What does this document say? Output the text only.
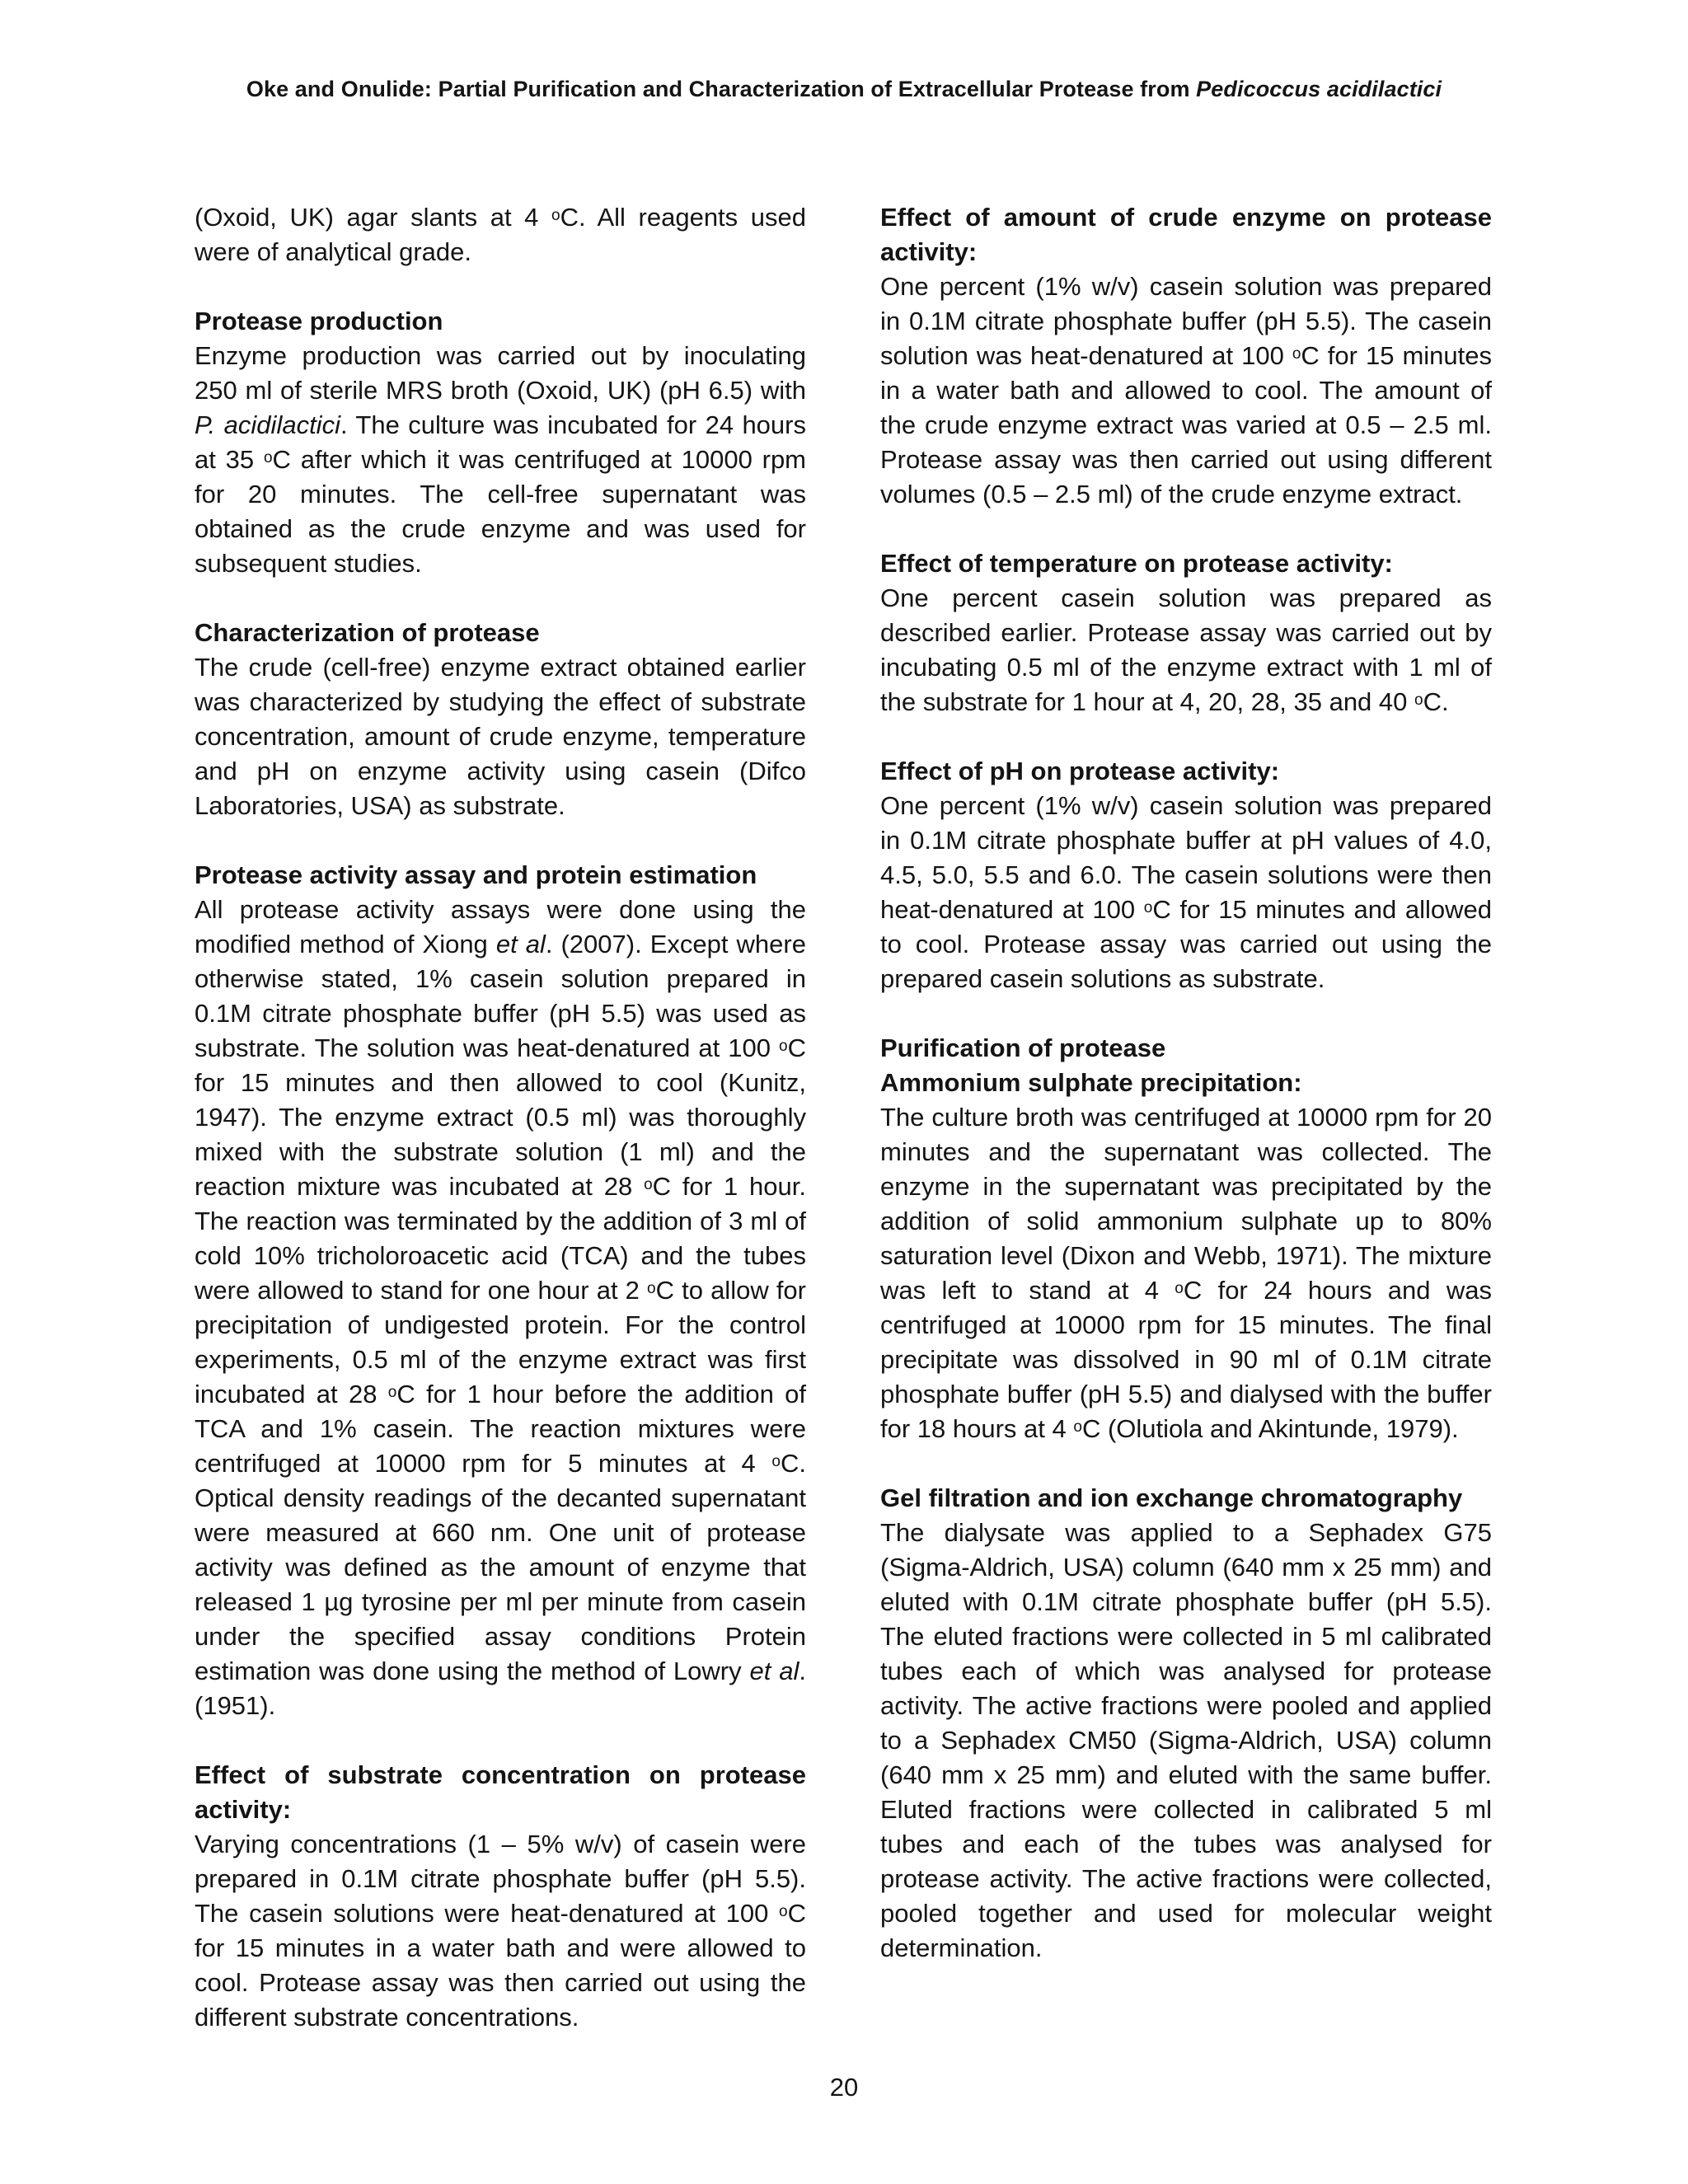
Oke and Onulide: Partial Purification and Characterization of Extracellular Protease from Pedicoccus acidilactici

(Oxoid, UK) agar slants at 4 $^o$C. All reagents used were of analytical grade.

Protease production

Enzyme production was carried out by inoculating 250 ml of sterile MRS broth (Oxoid, UK) (pH 6.5) with P. acidilactici. The culture was incubated for 24 hours at 35 $^o$C after which it was centrifuged at 10000 rpm for 20 minutes. The cell-free supernatant was obtained as the crude enzyme and was used for subsequent studies.

Characterization of protease

The crude (cell-free) enzyme extract obtained earlier was characterized by studying the effect of substrate concentration, amount of crude enzyme, temperature and pH on enzyme activity using casein (Difco Laboratories, USA) as substrate.

Protease activity assay and protein estimation

All protease activity assays were done using the modified method of Xiong et al. (2007). Except where otherwise stated, 1% casein solution prepared in 0.1M citrate phosphate buffer (pH 5.5) was used as substrate. The solution was heat-denatured at 100 $^o$C for 15 minutes and then allowed to cool (Kunitz, 1947). The enzyme extract (0.5 ml) was thoroughly mixed with the substrate solution (1 ml) and the reaction mixture was incubated at 28 $^o$C for 1 hour. The reaction was terminated by the addition of 3 ml of cold 10% tricholoroacetic acid (TCA) and the tubes were allowed to stand for one hour at 2 $^o$C to allow for precipitation of undigested protein. For the control experiments, 0.5 ml of the enzyme extract was first incubated at 28 $^o$C for 1 hour before the addition of TCA and 1% casein. The reaction mixtures were centrifuged at 10000 rpm for 5 minutes at 4 $^o$C. Optical density readings of the decanted supernatant were measured at 660 nm. One unit of protease activity was defined as the amount of enzyme that released 1 µg tyrosine per ml per minute from casein under the specified assay conditions Protein estimation was done using the method of Lowry et al. (1951).

Effect of substrate concentration on protease activity:

Varying concentrations (1 – 5% w/v) of casein were prepared in 0.1M citrate phosphate buffer (pH 5.5). The casein solutions were heat-denatured at 100 $^o$C for 15 minutes in a water bath and were allowed to cool. Protease assay was then carried out using the different substrate concentrations.

Effect of amount of crude enzyme on protease activity:

One percent (1% w/v) casein solution was prepared in 0.1M citrate phosphate buffer (pH 5.5). The casein solution was heat-denatured at 100 $^o$C for 15 minutes in a water bath and allowed to cool. The amount of the crude enzyme extract was varied at 0.5 – 2.5 ml. Protease assay was then carried out using different volumes (0.5 – 2.5 ml) of the crude enzyme extract.

Effect of temperature on protease activity:

One percent casein solution was prepared as described earlier. Protease assay was carried out by incubating 0.5 ml of the enzyme extract with 1 ml of the substrate for 1 hour at 4, 20, 28, 35 and 40 $^o$C.

Effect of pH on protease activity:

One percent (1% w/v) casein solution was prepared in 0.1M citrate phosphate buffer at pH values of 4.0, 4.5, 5.0, 5.5 and 6.0. The casein solutions were then heat-denatured at 100 $^o$C for 15 minutes and allowed to cool. Protease assay was carried out using the prepared casein solutions as substrate.

Purification of protease

Ammonium sulphate precipitation:

The culture broth was centrifuged at 10000 rpm for 20 minutes and the supernatant was collected. The enzyme in the supernatant was precipitated by the addition of solid ammonium sulphate up to 80% saturation level (Dixon and Webb, 1971). The mixture was left to stand at 4 $^o$C for 24 hours and was centrifuged at 10000 rpm for 15 minutes. The final precipitate was dissolved in 90 ml of 0.1M citrate phosphate buffer (pH 5.5) and dialysed with the buffer for 18 hours at 4 $^o$C (Olutiola and Akintunde, 1979).

Gel filtration and ion exchange chromatography

The dialysate was applied to a Sephadex G75 (Sigma-Aldrich, USA) column (640 mm x 25 mm) and eluted with 0.1M citrate phosphate buffer (pH 5.5). The eluted fractions were collected in 5 ml calibrated tubes each of which was analysed for protease activity. The active fractions were pooled and applied to a Sephadex CM50 (Sigma-Aldrich, USA) column (640 mm x 25 mm) and eluted with the same buffer. Eluted fractions were collected in calibrated 5 ml tubes and each of the tubes was analysed for protease activity. The active fractions were collected, pooled together and used for molecular weight determination.

20
